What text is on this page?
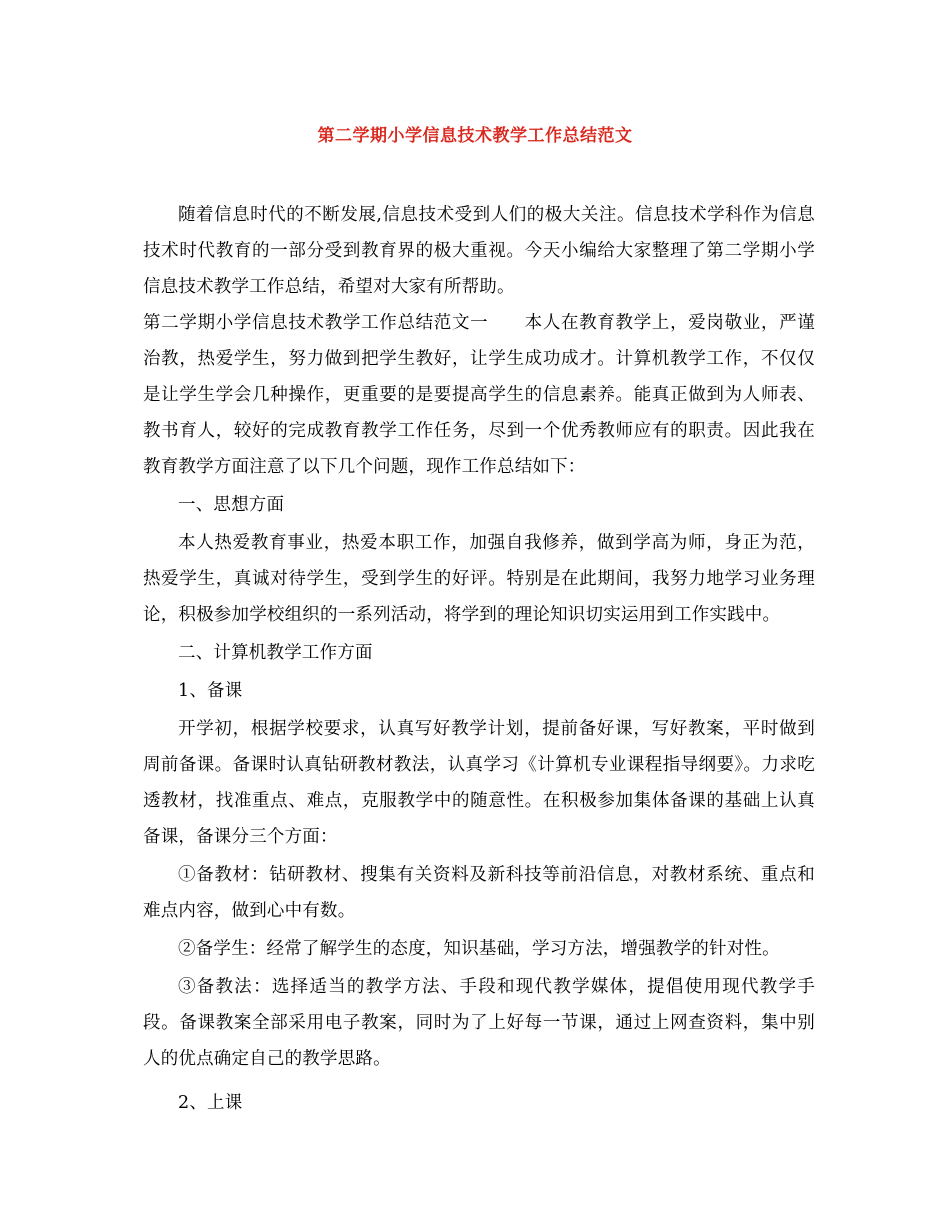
第二学期小学信息技术教学工作总结范文

随着信息时代的不断发展,信息技术受到人们的极大关注。信息技术学科作为信息技术时代教育的一部分受到教育界的极大重视。今天小编给大家整理了第二学期小学信息技术教学工作总结，希望对大家有所帮助。

第二学期小学信息技术教学工作总结范文一　　本人在教育教学上，爱岗敬业，严谨治教，热爱学生，努力做到把学生教好，让学生成功成才。计算机教学工作，不仅仅是让学生学会几种操作，更重要的是要提高学生的信息素养。能真正做到为人师表、教书育人，较好的完成教育教学工作任务，尽到一个优秀教师应有的职责。因此我在教育教学方面注意了以下几个问题，现作工作总结如下：

一、思想方面

本人热爱教育事业，热爱本职工作，加强自我修养，做到学高为师，身正为范，热爱学生，真诚对待学生，受到学生的好评。特别是在此期间，我努力地学习业务理论，积极参加学校组织的一系列活动，将学到的理论知识切实运用到工作实践中。

二、计算机教学工作方面

1、备课

开学初，根据学校要求，认真写好教学计划，提前备好课，写好教案，平时做到周前备课。备课时认真钻研教材教法，认真学习《计算机专业课程指导纲要》。力求吃透教材，找准重点、难点，克服教学中的随意性。在积极参加集体备课的基础上认真备课，备课分三个方面：

①备教材：钻研教材、搜集有关资料及新科技等前沿信息，对教材系统、重点和难点内容，做到心中有数。

②备学生：经常了解学生的态度，知识基础，学习方法，增强教学的针对性。

③备教法：选择适当的教学方法、手段和现代教学媒体，提倡使用现代教学手段。备课教案全部采用电子教案，同时为了上好每一节课，通过上网查资料，集中别人的优点确定自己的教学思路。

2、上课
